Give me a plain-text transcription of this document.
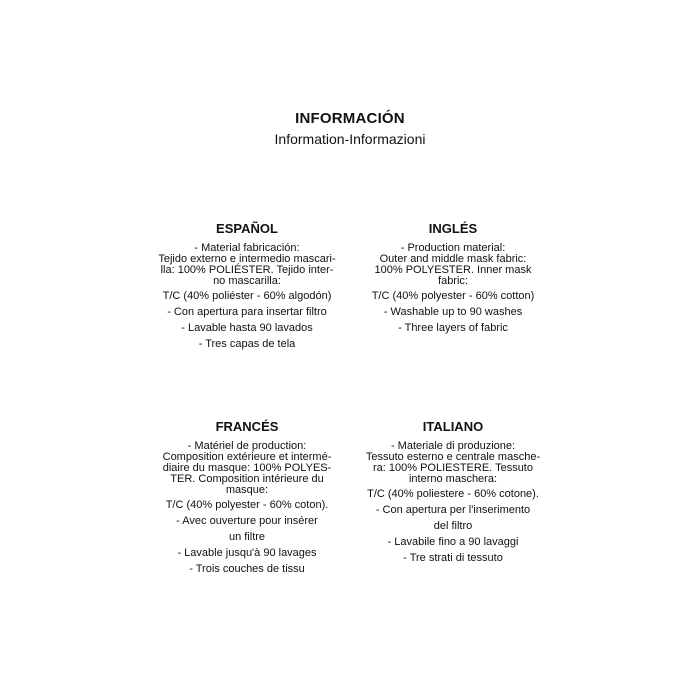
INFORMACIÓN
Information-Informazioni
ESPAÑOL
- Material fabricación:
Tejido externo e intermedio mascari-
lla: 100% POLIÉSTER. Tejido inter-
no mascarilla:
T/C (40% poliéster - 60% algodón)
- Con apertura para insertar filtro
- Lavable hasta 90 lavados
- Tres capas de tela
INGLÉS
- Production material:
Outer and middle mask fabric:
100% POLYESTER. Inner mask
fabric:
T/C (40% polyester - 60% cotton)
- Washable up to 90 washes
- Three layers of fabric
FRANCÉS
- Matériel de production:
Composition extérieure et intermé-
diaire du masque: 100% POLYES-
TER. Composition intérieure du
masque:
T/C (40% polyester - 60% coton).
- Avec ouverture pour insérer
un filtre
- Lavable jusqu'à 90 lavages
- Trois couches de tissu
ITALIANO
- Materiale di produzione:
Tessuto esterno e centrale masche-
ra: 100% POLIESTERE. Tessuto
interno maschera:
T/C (40% poliestere - 60% cotone).
- Con apertura per l'inserimento
del filtro
- Lavabile fino a 90 lavaggi
- Tre strati di tessuto
